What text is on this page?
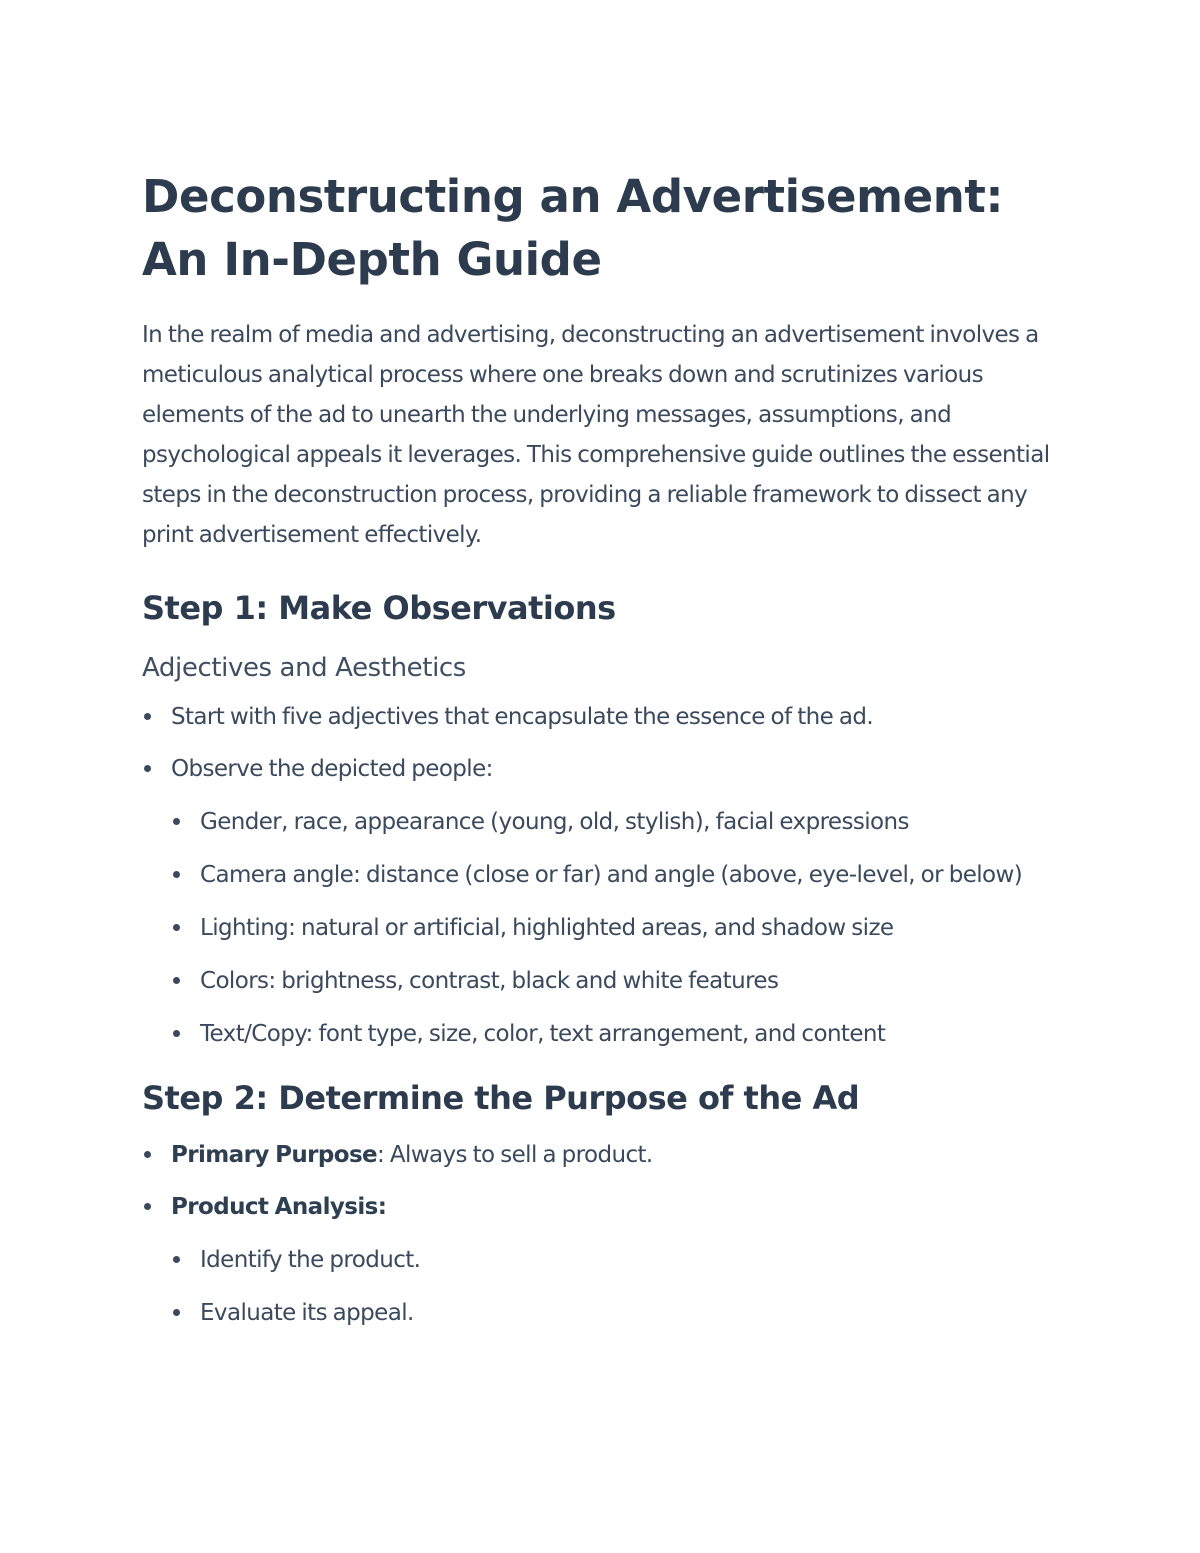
Deconstructing an Advertisement: An In-Depth Guide

In the realm of media and advertising, deconstructing an advertisement involves a meticulous analytical process where one breaks down and scrutinizes various elements of the ad to unearth the underlying messages, assumptions, and psychological appeals it leverages. This comprehensive guide outlines the essential steps in the deconstruction process, providing a reliable framework to dissect any print advertisement effectively.

Step 1: Make Observations
Adjectives and Aesthetics
Start with five adjectives that encapsulate the essence of the ad.
Observe the depicted people:
Gender, race, appearance (young, old, stylish), facial expressions
Camera angle: distance (close or far) and angle (above, eye-level, or below)
Lighting: natural or artificial, highlighted areas, and shadow size
Colors: brightness, contrast, black and white features
Text/Copy: font type, size, color, text arrangement, and content
Step 2: Determine the Purpose of the Ad
Primary Purpose: Always to sell a product.
Product Analysis:
Identify the product.
Evaluate its appeal.
